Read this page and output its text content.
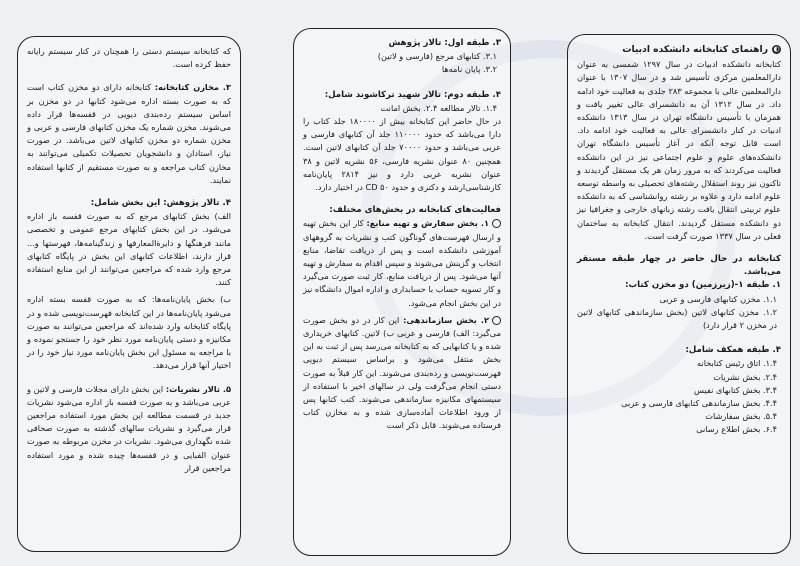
◐
راهنمای کتابخانه دانشکده ادبیات

کتابخانه دانشکده ادبیات در سال ۱۲۹۷ شمسی به عنوان دارالمعلمین مرکزی تأسیس شد و در سال ۱۳۰۷ با عنوان دارالمعلمین عالی با مجموعه ۲۸۳ جلدی به فعالیت خود ادامه داد. در سال ۱۳۱۲ آن به دانشسرای عالی تغییر یافت و همزمان با تأسیس دانشگاه تهران در سال ۱۳۱۳ دانشکده ادبیات در کنار دانشسرای عالی به فعالیت خود ادامه داد. است قابل توجه آنکه در آغاز تأسیس دانشگاه تهران دانشکده‌های علوم و علوم اجتماعی نیز در این دانشکده فعالیت می‌کردند که به مرور زمان هر یک مستقل گردیدند و تاکنون نیز روند استقلال رشته‌های تحصیلی به واسطه توسعه علوم ادامه دارد و علاوه بر رشته روانشناسی که به دانشکده علوم تربیتی انتقال یافت رشته زبانهای خارجی و جغرافیا نیز دو دانشکده مستقل گردیدند. انتقال کتابخانه به ساختمان فعلی در سال ۱۳۳۷ صورت گرفت است.

کتابخانه در حال حاضر در چهار طبقه مستقر می‌باشد.

۱. طبقه ۱-(زیرزمین) دو مخزن کتاب:

۱.۱. مخزن کتابهای فارسی و عربی

۱.۲. مخزن کتابهای لاتین (بخش سازماندهی کتابهای لاتین در مخزن ۲ قرار دارد)

۴. طبقه همکف شامل:

۱.۴. اتاق رئیس کتابخانه

۲.۴. بخش نشریات

۳.۴. بخش کتابهای نفیس

۴.۴. بخش سازماندهی کتابهای فارسی و عربی

۵.۴. بخش سفارشات

۶.۴. بخش اطلاع رسانی

۳. طبقه اول: تالار پژوهش

۳.۱. کتابهای مرجع (فارسی و لاتین)

۳.۲. پایان نامه‌ها

۴. طبقه دوم: تالار شهید ترکاشوند شامل:

۱.۴. تالار مطالعه ۲.۴. بخش امانت

در حال حاضر این کتابخانه بیش از ۱۸۰۰۰۰ جلد کتاب را دارا می‌باشد که حدود ۱۱۰۰۰۰ جلد آن کتابهای فارسی و عربی می‌باشد و حدود ۷۰۰۰۰ جلد آن کتابهای لاتین است. همچنین ۸۰ عنوان نشریه فارسی، ۵۶ نشریه لاتین و ۳۸ عنوان نشریه عربی دارد و نیز ۲۸۱۴ پایان‌نامه کارشناسی‌ارشد و دکتری و حدود ۵۰ CD در اختیار دارد.

فعالیت‌های کتابخانه در بخش‌های مختلف:

۱. بخش سفارش و تهیه منابع: کار این بخش تهیه و ارسال فهرست‌های گوناگون کتب و نشریات به گروههای آموزشی دانشکده است و پس از دریافت تقاضا، منابع انتخاب و گزینش می‌شوند و سپس اقدام به سفارش و تهیه آنها می‌شود. پس از دریافت منابع، کار ثبت صورت می‌گیرد و کار تسویه حساب با حسابداری و اداره اموال دانشگاه نیز در این بخش انجام می‌شود.

۲. بخش سازماندهی: این کار در دو بخش صورت می‌گیرد: الف) فارسی و عربی ب) لاتین. کتابهای خریداری شده و یا کتابهایی که به کتابخانه می‌رسد پس از ثبت به این بخش منتقل می‌شود و براساس سیستم دیویی فهرست‌نویسی و رده‌بندی می‌شوند. این کار قبلاً به صورت دستی انجام می‌گرفت ولی در سالهای اخیر با استفاده از سیستمهای مکانیزه سازماندهی می‌شوند. کتب کتابها پس از ورود اطلاعات آماده‌سازی شده و به مخازن کتاب فرستاده می‌شوند. قابل ذکر است

که کتابخانه سیستم دستی را همچنان در کنار سیستم رایانه حفظ کرده است.

۳. مخازن کتابخانه: کتابخانه دارای دو مخزن کتاب است که به صورت بسته اداره می‌شود کتابها در دو مخزن بر اساس سیستم رده‌بندی دیویی در قفسه‌ها قرار داده می‌شوند. مخزن شماره یک مخزن کتابهای فارسی و عربی و مخزن شماره دو مخزن کتابهای لاتین می‌باشد. در صورت نیاز، استادان و دانشجویان تحصیلات تکمیلی می‌توانند به مخازن کتاب مراجعه و به صورت مستقیم از کتابها استفاده نمایند.

۴. تالار پژوهش: این بخش شامل:

الف) بخش کتابهای مرجع که به صورت قفسه باز اداره می‌شود. در این بخش کتابهای مرجع عمومی و تخصصی مانند فرهنگها و دایرةالمعارفها و زندگینامه‌ها، فهرستها و... قرار دارند، اطلاعات کتابهای این بخش در پایگاه کتابهای مرجع وارد شده که مراجعین می‌توانند از این منابع استفاده کنند.

ب) بخش پایان‌نامه‌ها: که به صورت قفسه بسته اداره می‌شود پایان‌نامه‌ها در این کتابخانه فهرست‌نویسی شده و در پایگاه کتابخانه وارد شده‌اند که مراجعین می‌توانند به صورت مکانیزه و دستی پایان‌نامه مورد نظر خود را جستجو نموده و با مراجعه به مسئول این بخش پایان‌نامه مورد نیاز خود را در اختیار آنها قرار می‌دهد.

۵. تالار نشریات: این بخش دارای مجلات فارسی و لاتین و عربی می‌باشد و به صورت قفسه باز اداره می‌شود نشریات جدید در قسمت مطالعه این بخش مورد استفاده مراجعین قرار می‌گیرد و نشریات سالهای گذشته به صورت صحافی شده نگهداری می‌شود. نشریات در مخزن مربوطه به صورت عنوان الفبایی و در قفسه‌ها چیده شده و مورد استفاده مراجعین قرار
